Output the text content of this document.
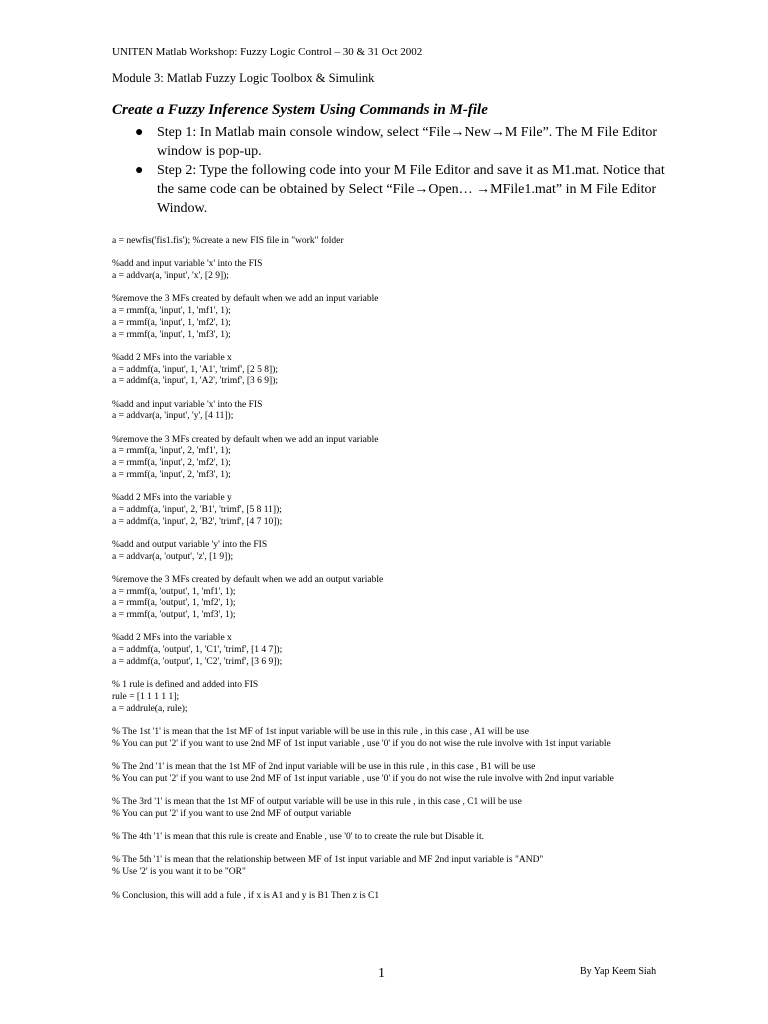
UNITEN Matlab Workshop: Fuzzy Logic Control – 30 & 31 Oct 2002
Module 3: Matlab Fuzzy Logic Toolbox & Simulink
Create a Fuzzy Inference System Using Commands in M-file
● Step 1: In Matlab main console window, select “File→New→M File”. The M File Editor window is pop-up.
● Step 2: Type the following code into your M File Editor and save it as M1.mat. Notice that the same code can be obtained by Select “File→Open… →MFile1.mat” in M File Editor Window.
a = newfis('fis1.fis'); %create a new FIS file in "work" folder
%add and input variable 'x' into the FIS
a = addvar(a, 'input', 'x', [2 9]);
%remove the 3 MFs created by default when we add an input variable
a = rmmf(a, 'input', 1, 'mf1', 1);
a = rmmf(a, 'input', 1, 'mf2', 1);
a = rmmf(a, 'input', 1, 'mf3', 1);
%add 2 MFs into the variable x
a = addmf(a, 'input', 1, 'A1', 'trimf', [2 5 8]);
a = addmf(a, 'input', 1, 'A2', 'trimf', [3 6 9]);
%add and input variable 'x' into the FIS
a = addvar(a, 'input', 'y', [4 11]);
%remove the 3 MFs created by default when we add an input variable
a = rmmf(a, 'input', 2, 'mf1', 1);
a = rmmf(a, 'input', 2, 'mf2', 1);
a = rmmf(a, 'input', 2, 'mf3', 1);
%add 2 MFs into the variable y
a = addmf(a, 'input', 2, 'B1', 'trimf', [5 8 11]);
a = addmf(a, 'input', 2, 'B2', 'trimf', [4 7 10]);
%add and output variable 'y' into the FIS
a = addvar(a, 'output', 'z', [1 9]);
%remove the 3 MFs created by default when we add an output variable
a = rmmf(a, 'output', 1, 'mf1', 1);
a = rmmf(a, 'output', 1, 'mf2', 1);
a = rmmf(a, 'output', 1, 'mf3', 1);
%add 2 MFs into the variable x
a = addmf(a, 'output', 1, 'C1', 'trimf', [1 4 7]);
a = addmf(a, 'output', 1, 'C2', 'trimf', [3 6 9]);
% 1 rule is defined and added into FIS
rule = [1 1 1 1 1];
a = addrule(a, rule);
% The 1st '1' is mean that the 1st MF of 1st input variable will be use in this rule , in this case , A1 will be use
% You can put '2' if you want to use 2nd MF of 1st input variable , use '0' if you do not wise the rule involve with 1st input variable
% The 2nd '1' is mean that the 1st MF of 2nd input variable will be use in this rule , in this case , B1 will be use
% You can put '2' if you want to use 2nd MF of 1st input variable , use '0' if you do not wise the rule involve with 2nd input variable
% The 3rd '1' is mean that the 1st MF of output variable will be use in this rule , in this case , C1 will be use
% You can put '2' if you want to use 2nd MF of output variable
% The 4th '1' is mean that this rule is create and Enable , use '0' to to create the rule but Disable it.
% The 5th '1' is mean that the relationship between MF of 1st input variable and MF 2nd input variable is "AND"
% Use '2' is you want it to be "OR"
% Conclusion, this will add a fule , if x is A1 and y is B1 Then z is C1
1	By Yap Keem Siah
